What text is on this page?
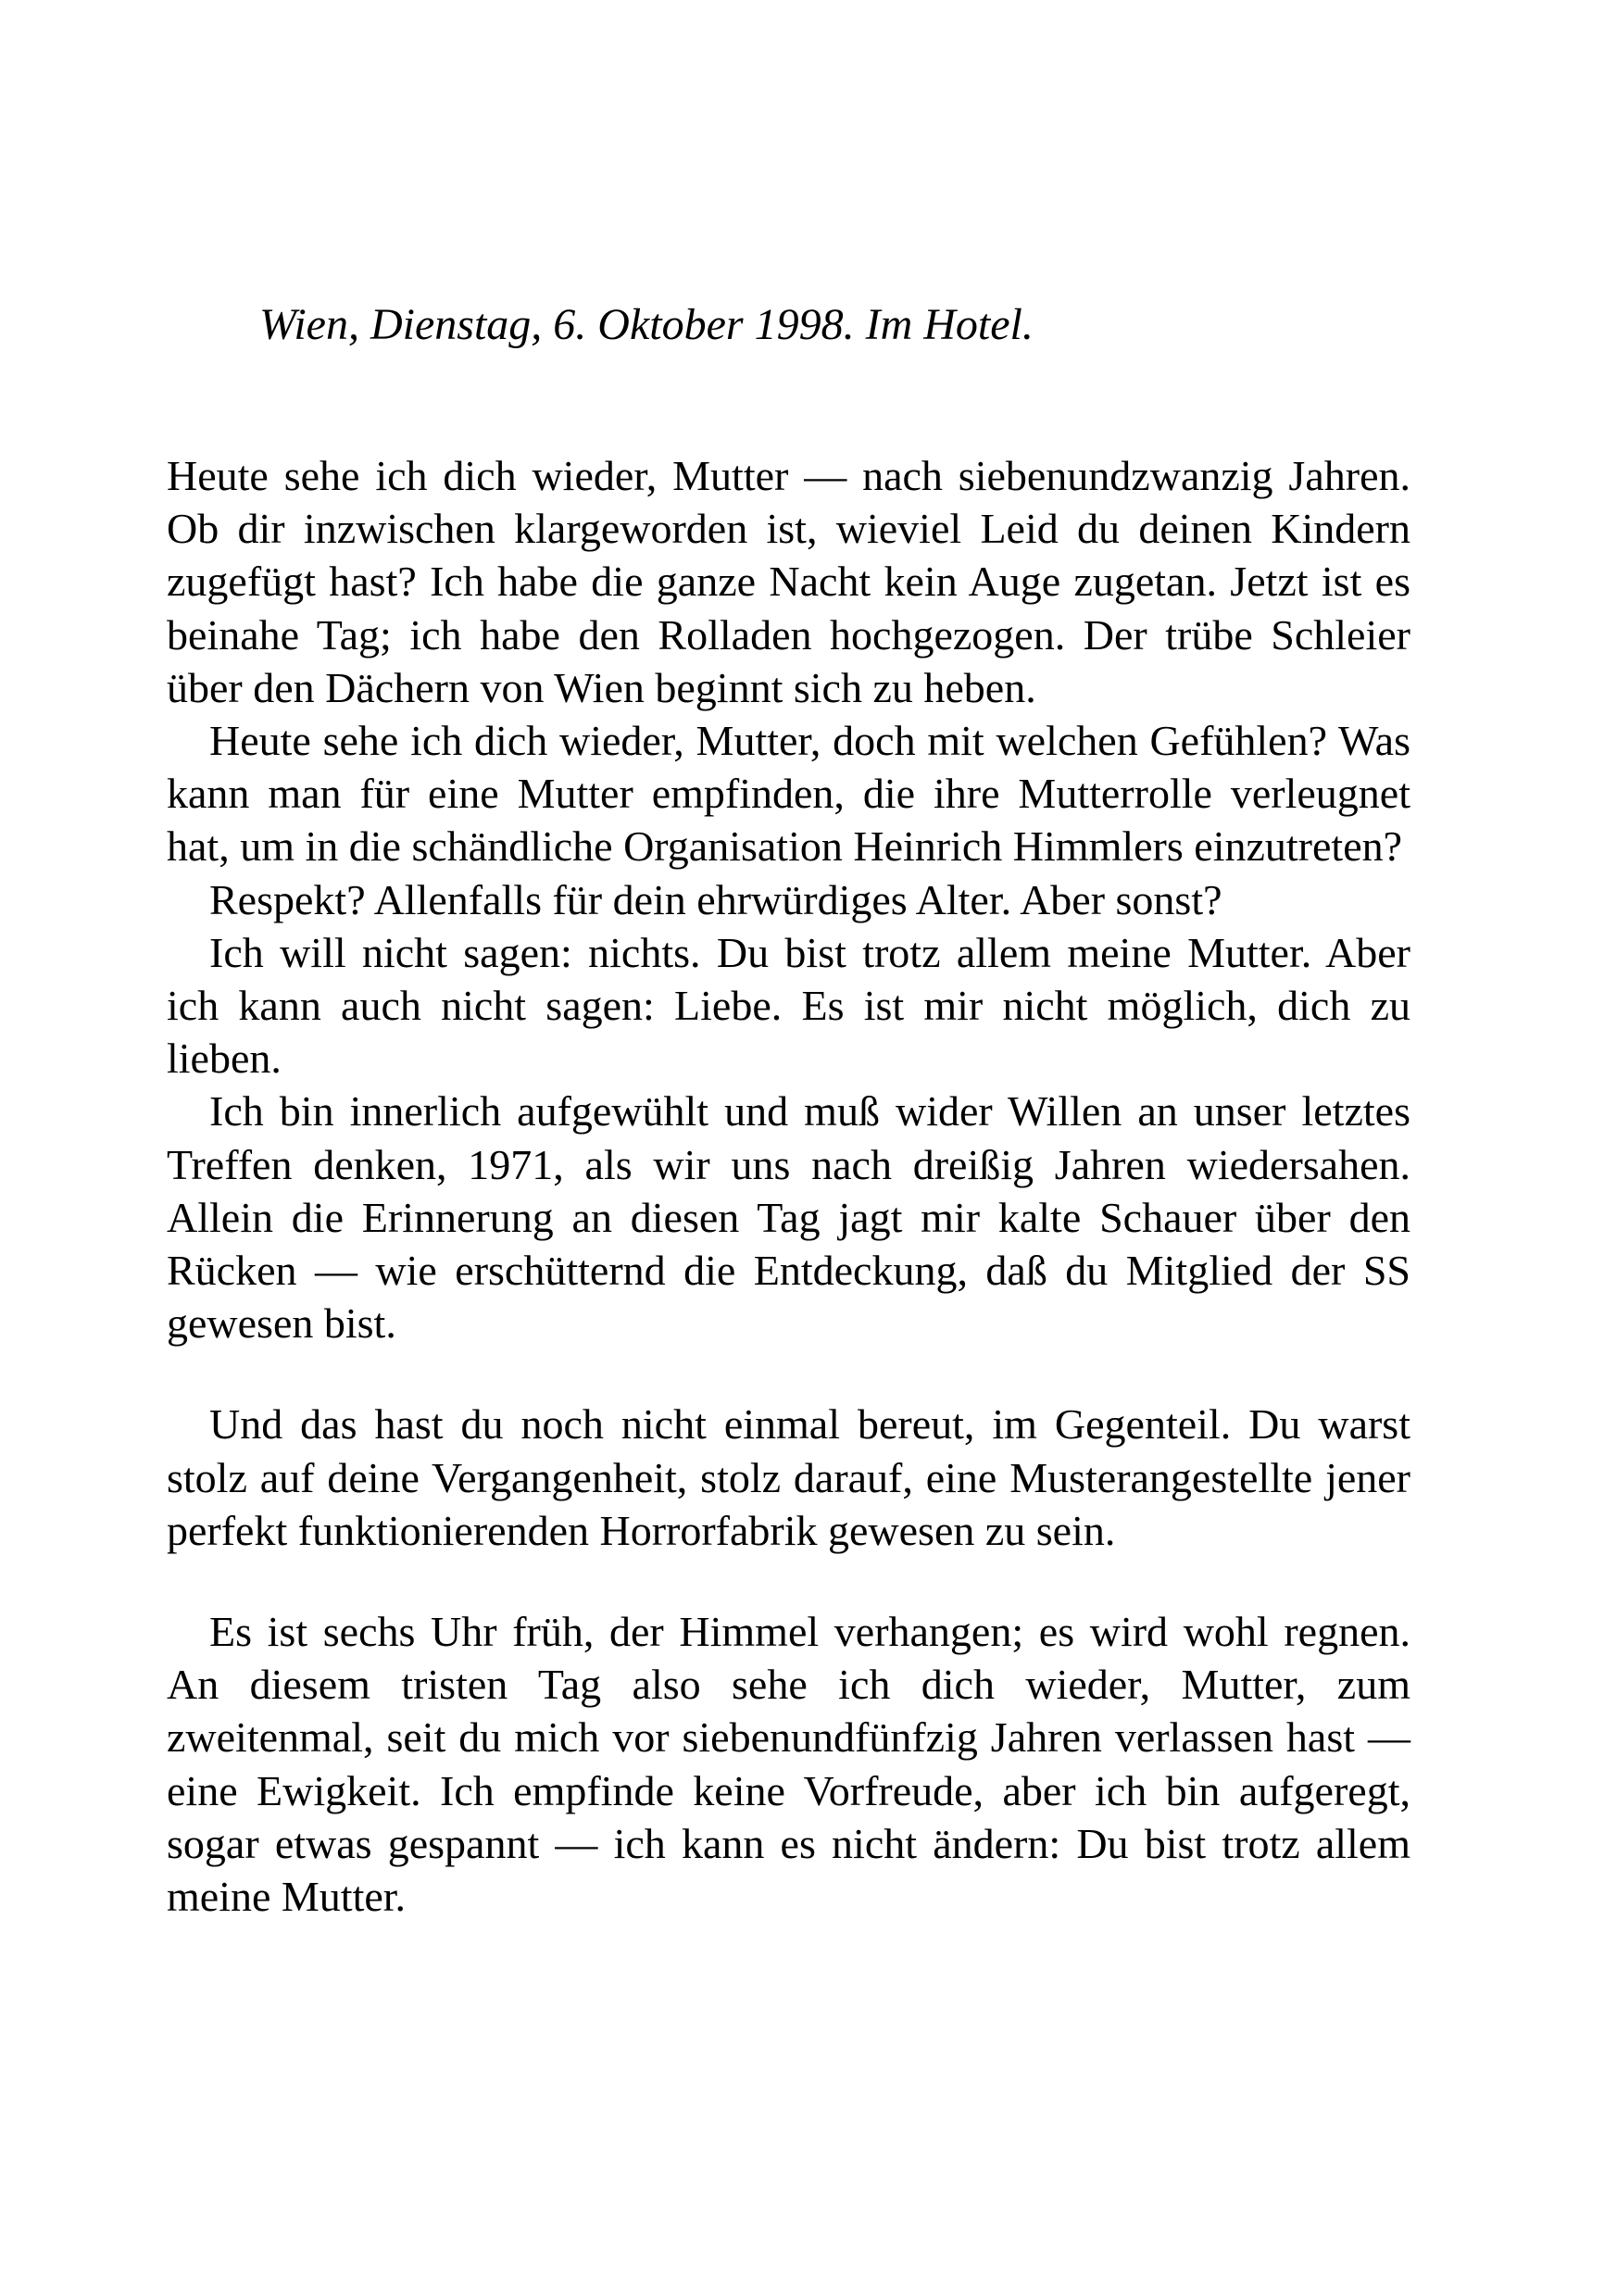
Wien, Dienstag, 6. Oktober 1998. Im Hotel.

Heute sehe ich dich wieder, Mutter — nach siebenundzwanzig Jahren. Ob dir inzwischen klargeworden ist, wieviel Leid du deinen Kindern zugefügt hast? Ich habe die ganze Nacht kein Auge zugetan. Jetzt ist es beinahe Tag; ich habe den Rolladen hochgezogen. Der trübe Schleier über den Dächern von Wien beginnt sich zu heben.

Heute sehe ich dich wieder, Mutter, doch mit welchen Gefühlen? Was kann man für eine Mutter empfinden, die ihre Mutterrolle verleugnet hat, um in die schändliche Organisation Heinrich Himmlers einzutreten?

Respekt? Allenfalls für dein ehrwürdiges Alter. Aber sonst?

Ich will nicht sagen: nichts. Du bist trotz allem meine Mutter. Aber ich kann auch nicht sagen: Liebe. Es ist mir nicht möglich, dich zu lieben.

Ich bin innerlich aufgewühlt und muß wider Willen an unser letztes Treffen denken, 1971, als wir uns nach dreißig Jahren wiedersahen. Allein die Erinnerung an diesen Tag jagt mir kalte Schauer über den Rücken — wie erschütternd die Entdeckung, daß du Mitglied der SS gewesen bist.

Und das hast du noch nicht einmal bereut, im Gegenteil. Du warst stolz auf deine Vergangenheit, stolz darauf, eine Musterangestellte jener perfekt funktionierenden Horrorfabrik gewesen zu sein.

Es ist sechs Uhr früh, der Himmel verhangen; es wird wohl regnen. An diesem tristen Tag also sehe ich dich wieder, Mutter, zum zweitenmal, seit du mich vor siebenundfünfzig Jahren verlassen hast — eine Ewigkeit. Ich empfinde keine Vorfreude, aber ich bin aufgeregt, sogar etwas gespannt — ich kann es nicht ändern: Du bist trotz allem meine Mutter.
